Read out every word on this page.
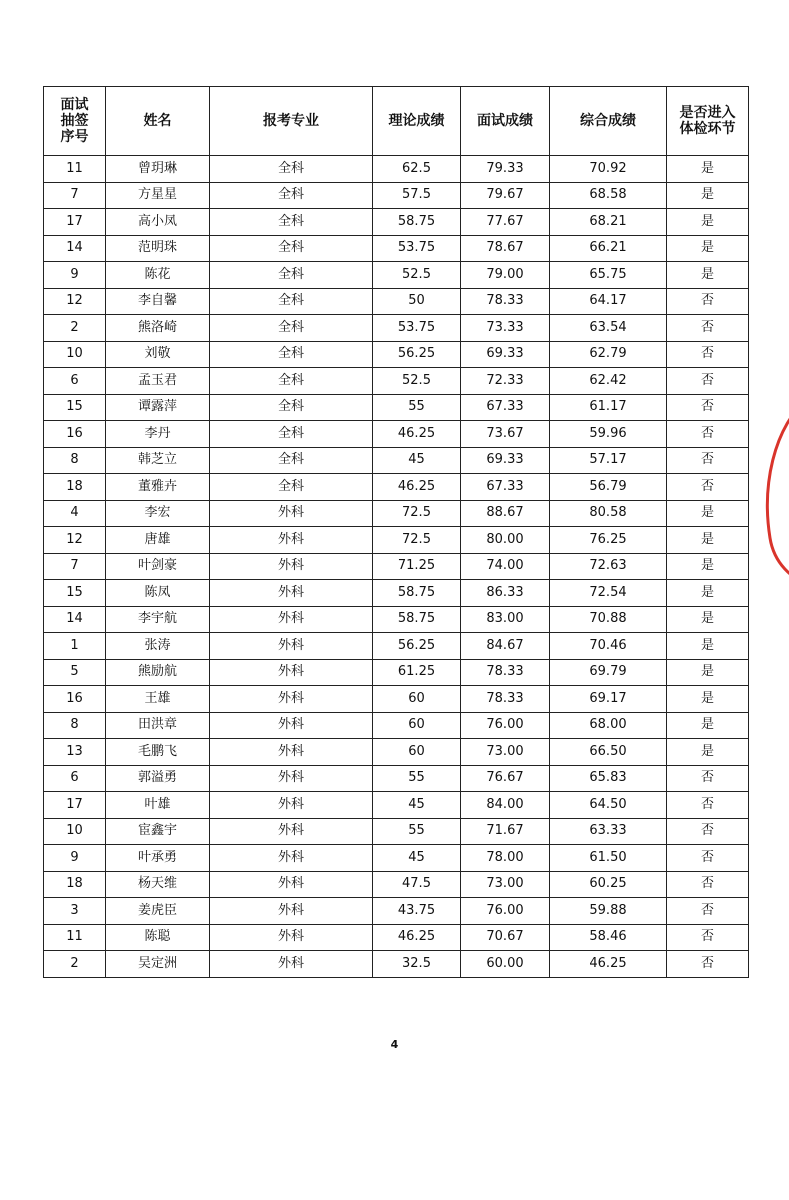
面试
抽签
序号	姓名	报考专业	理论成绩	面试成绩	综合成绩	是否进入
体检环节
11	曾玥琳	全科	62.5	79.33	70.92	是
7	方星星	全科	57.5	79.67	68.58	是
17	高小凤	全科	58.75	77.67	68.21	是
14	范明珠	全科	53.75	78.67	66.21	是
9	陈花	全科	52.5	79.00	65.75	是
12	李自馨	全科	50	78.33	64.17	否
2	熊洛崎	全科	53.75	73.33	63.54	否
10	刘敬	全科	56.25	69.33	62.79	否
6	孟玉君	全科	52.5	72.33	62.42	否
15	谭露萍	全科	55	67.33	61.17	否
16	李丹	全科	46.25	73.67	59.96	否
8	韩芝立	全科	45	69.33	57.17	否
18	董雅卉	全科	46.25	67.33	56.79	否
4	李宏	外科	72.5	88.67	80.58	是
12	唐雄	外科	72.5	80.00	76.25	是
7	叶剑豪	外科	71.25	74.00	72.63	是
15	陈凤	外科	58.75	86.33	72.54	是
14	李宇航	外科	58.75	83.00	70.88	是
1	张涛	外科	56.25	84.67	70.46	是
5	熊励航	外科	61.25	78.33	69.79	是
16	王雄	外科	60	78.33	69.17	是
8	田洪章	外科	60	76.00	68.00	是
13	毛鹏飞	外科	60	73.00	66.50	是
6	郭溢勇	外科	55	76.67	65.83	否
17	叶雄	外科	45	84.00	64.50	否
10	宦鑫宇	外科	55	71.67	63.33	否
9	叶承勇	外科	45	78.00	61.50	否
18	杨天维	外科	47.5	73.00	60.25	否
3	姜虎臣	外科	43.75	76.00	59.88	否
11	陈聪	外科	46.25	70.67	58.46	否
2	吴定洲	外科	32.5	60.00	46.25	否
4
